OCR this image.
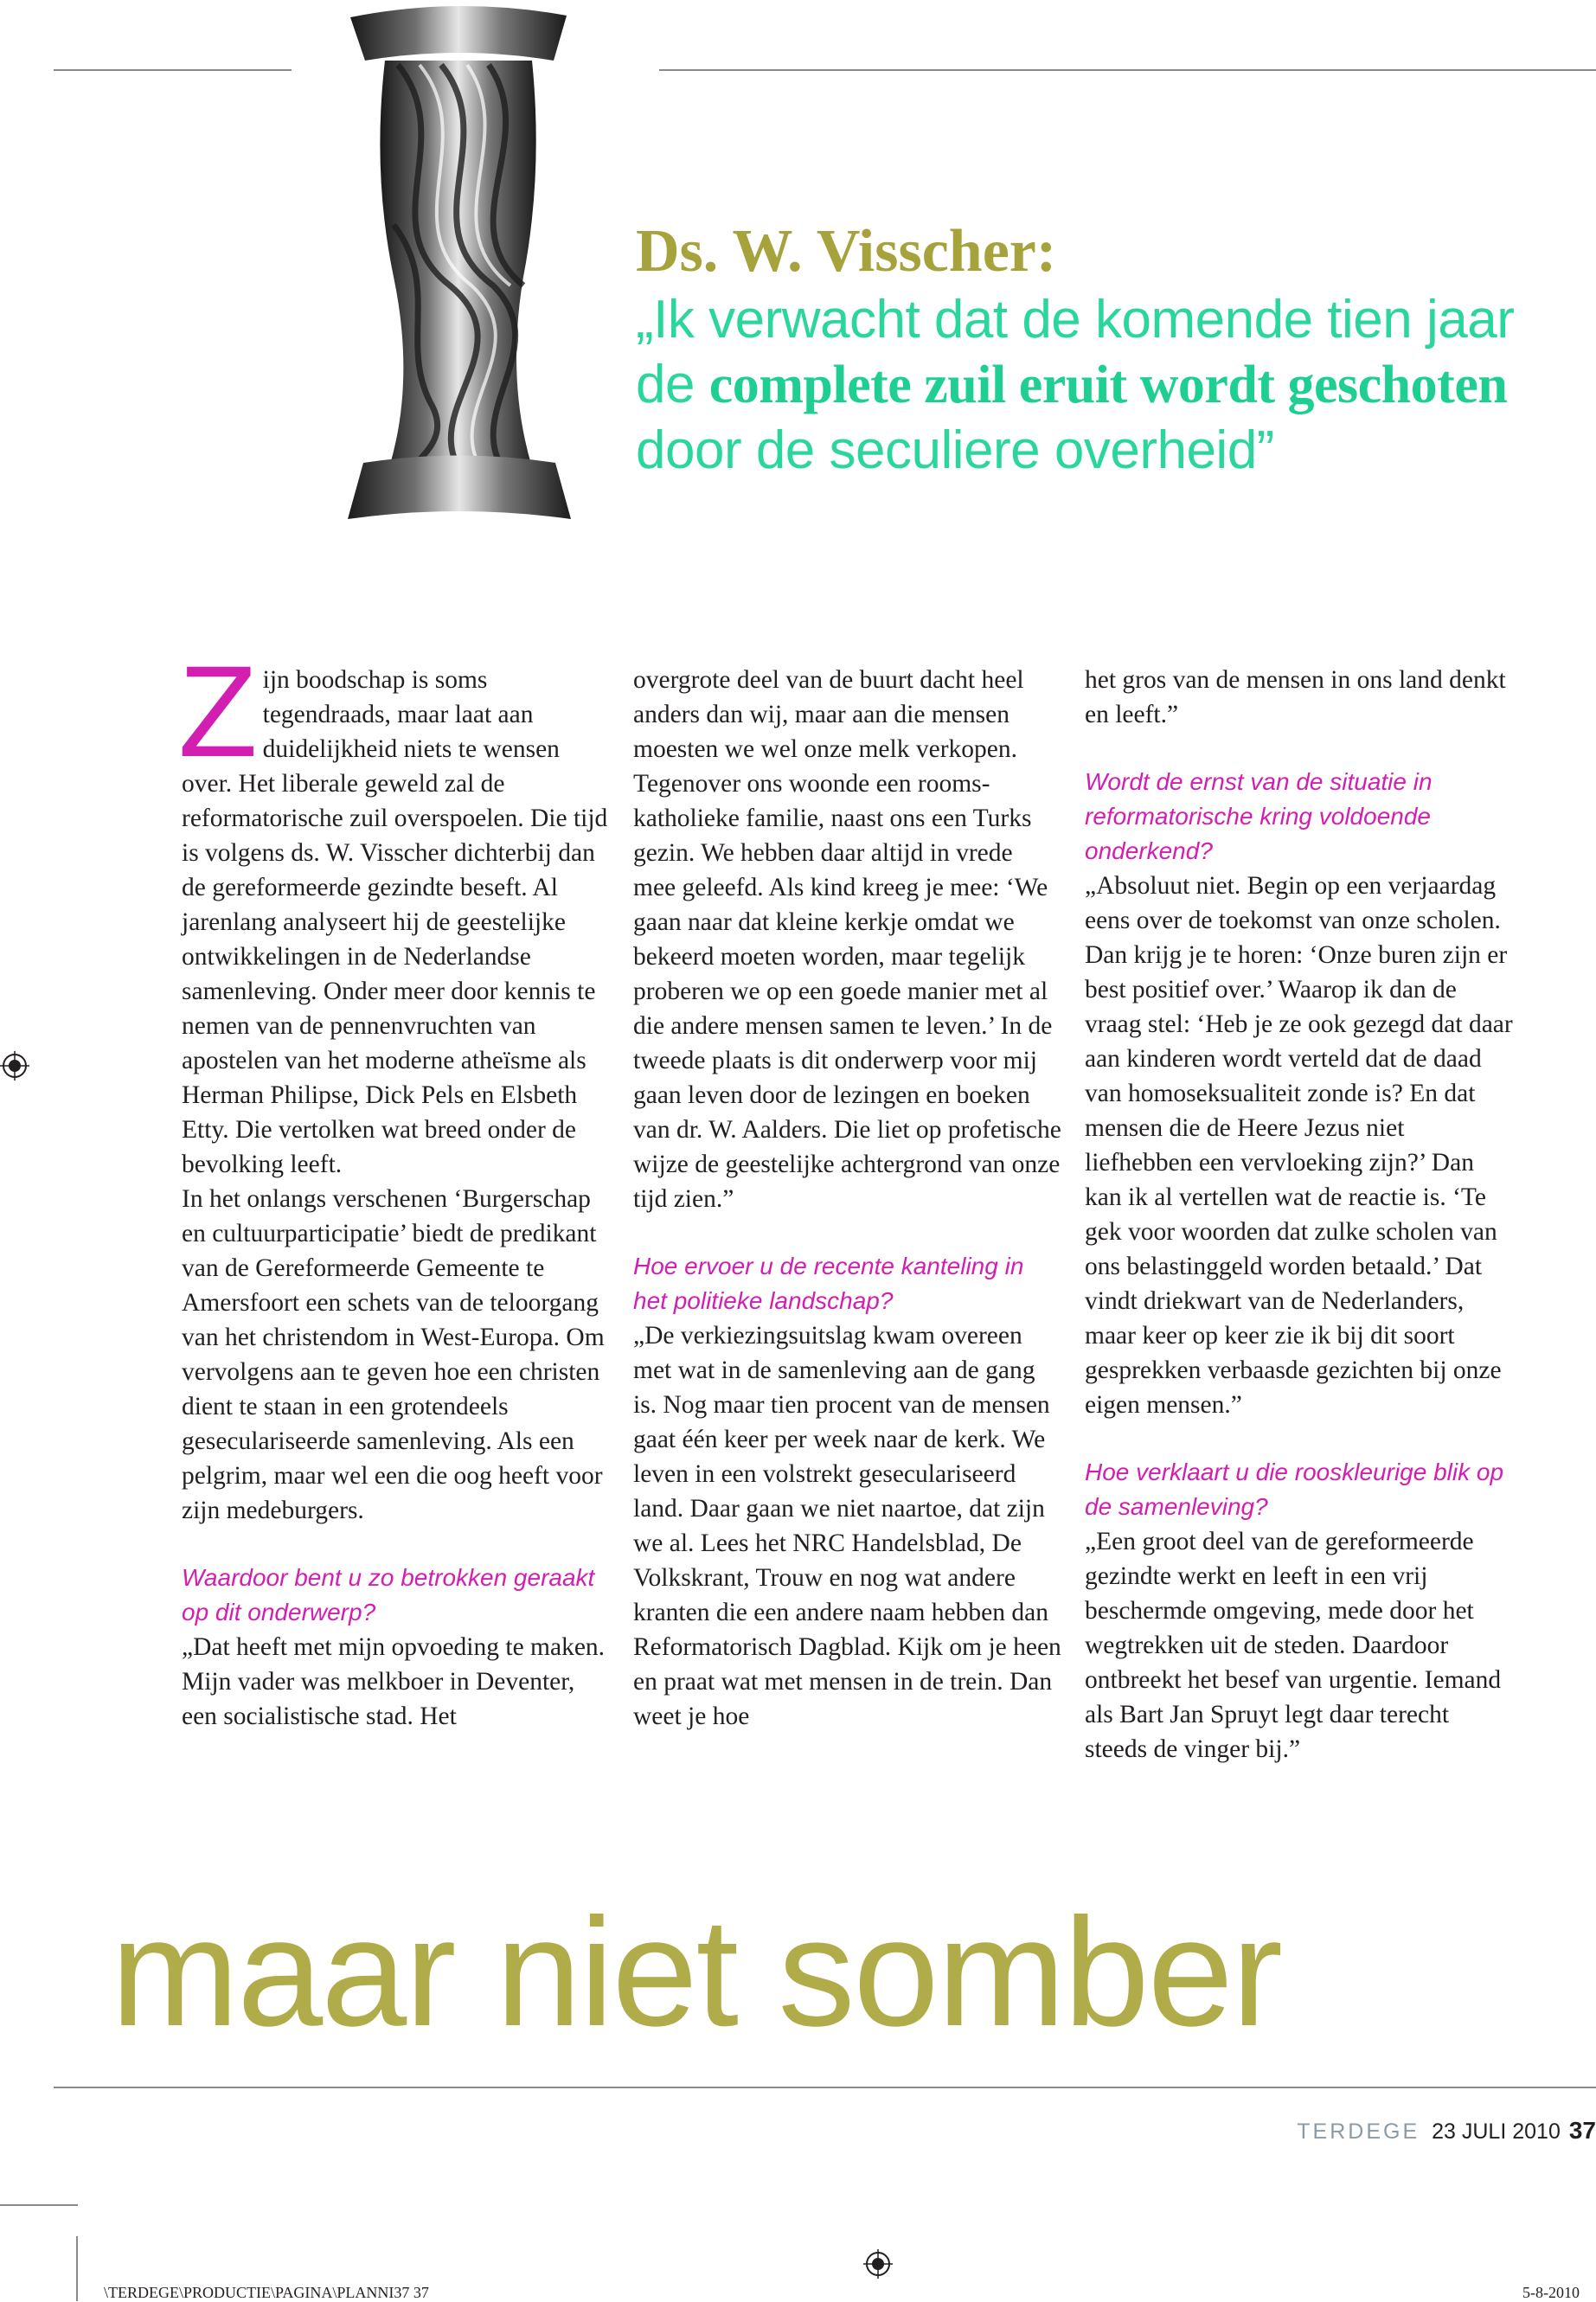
Ds. W. Visscher:
„Ik verwacht dat de komende tien jaar de complete zuil eruit wordt geschoten door de seculiere overheid”

Zijn boodschap is soms tegendraads, maar laat aan duidelijkheid niets te wensen over. Het liberale geweld zal de reformatorische zuil overspoelen. Die tijd is volgens ds. W. Visscher dichterbij dan de gereformeerde gezindte beseft. Al jarenlang analyseert hij de geestelijke ontwikkelingen in de Nederlandse samenleving. Onder meer door kennis te nemen van de pennenvruchten van apostelen van het moderne atheïsme als Herman Philipse, Dick Pels en Elsbeth Etty. Die vertolken wat breed onder de bevolking leeft.

In het onlangs verschenen ‘Burgerschap en cultuurparticipatie’ biedt de predikant van de Gereformeerde Gemeente te Amersfoort een schets van de teloorgang van het christendom in West-Europa. Om vervolgens aan te geven hoe een christen dient te staan in een grotendeels geseculariseerde samenleving. Als een pelgrim, maar wel een die oog heeft voor zijn medeburgers.

Waardoor bent u zo betrokken geraakt op dit onderwerp?

„Dat heeft met mijn opvoeding te maken. Mijn vader was melkboer in Deventer, een socialistische stad. Het

overgrote deel van de buurt dacht heel anders dan wij, maar aan die mensen moesten we wel onze melk verkopen. Tegenover ons woonde een rooms-katholieke familie, naast ons een Turks gezin. We hebben daar altijd in vrede mee geleefd. Als kind kreeg je mee: ‘We gaan naar dat kleine kerkje omdat we bekeerd moeten worden, maar tegelijk proberen we op een goede manier met al die andere mensen samen te leven.’ In de tweede plaats is dit onderwerp voor mij gaan leven door de lezingen en boeken van dr. W. Aalders. Die liet op profetische wijze de geestelijke achtergrond van onze tijd zien.”

Hoe ervoer u de recente kanteling in het politieke landschap?

„De verkiezingsuitslag kwam overeen met wat in de samenleving aan de gang is. Nog maar tien procent van de mensen gaat één keer per week naar de kerk. We leven in een volstrekt geseculariseerd land. Daar gaan we niet naartoe, dat zijn we al. Lees het NRC Handelsblad, De Volkskrant, Trouw en nog wat andere kranten die een andere naam hebben dan Reformatorisch Dagblad. Kijk om je heen en praat wat met mensen in de trein. Dan weet je hoe

het gros van de mensen in ons land denkt en leeft.”

Wordt de ernst van de situatie in reformatorische kring voldoende onderkend?

„Absoluut niet. Begin op een verjaardag eens over de toekomst van onze scholen. Dan krijg je te horen: ‘Onze buren zijn er best positief over.’ Waarop ik dan de vraag stel: ‘Heb je ze ook gezegd dat daar aan kinderen wordt verteld dat de daad van homoseksualiteit zonde is? En dat mensen die de Heere Jezus niet liefhebben een vervloeking zijn?’ Dan kan ik al vertellen wat de reactie is. ‘Te gek voor woorden dat zulke scholen van ons belastinggeld worden betaald.’ Dat vindt driekwart van de Nederlanders, maar keer op keer zie ik bij dit soort gesprekken verbaasde gezichten bij onze eigen mensen.”

Hoe verklaart u die rooskleurige blik op de samenleving?

„Een groot deel van de gereformeerde gezindte werkt en leeft in een vrij beschermde omgeving, mede door het wegtrekken uit de steden. Daardoor ontbreekt het besef van urgentie. Iemand als Bart Jan Spruyt legt daar terecht steeds de vinger bij.”

maar niet somber
TERDEGE 23 JULI 2010 37
\TERDEGE\PRODUCTIE\PAGINA\PLANNI37 37	5-8-2010
